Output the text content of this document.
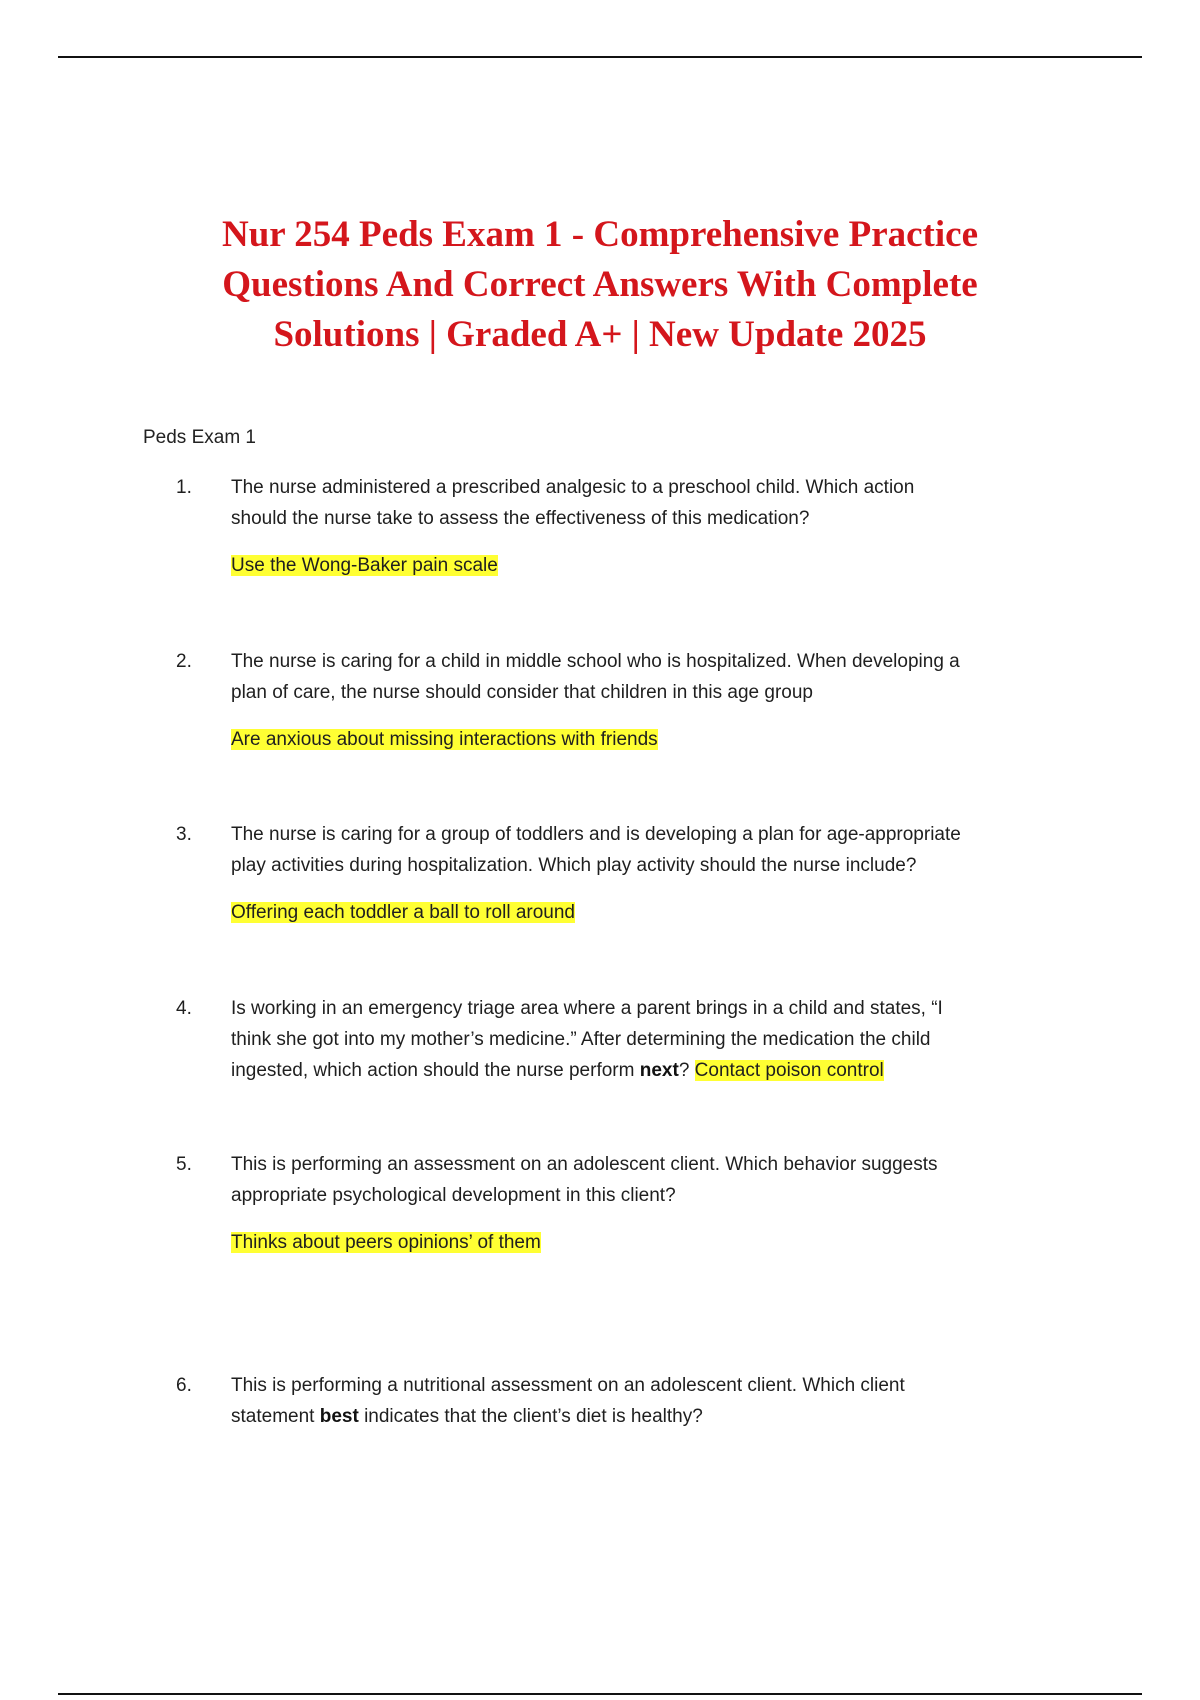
Nur 254 Peds Exam 1 - Comprehensive Practice
Questions And Correct Answers With Complete
Solutions | Graded A+ | New Update 2025
Peds Exam 1
1. The nurse administered a prescribed analgesic to a preschool child. Which action
should the nurse take to assess the effectiveness of this medication?
Use the Wong-Baker pain scale
2. The nurse is caring for a child in middle school who is hospitalized. When developing a
plan of care, the nurse should consider that children in this age group
Are anxious about missing interactions with friends
3. The nurse is caring for a group of toddlers and is developing a plan for age-appropriate
play activities during hospitalization. Which play activity should the nurse include?
Offering each toddler a ball to roll around
4. Is working in an emergency triage area where a parent brings in a child and states, “I
think she got into my mother’s medicine.” After determining the medication the child
ingested, which action should the nurse perform next? Contact poison control
5. This is performing an assessment on an adolescent client. Which behavior suggests
appropriate psychological development in this client?
Thinks about peers opinions’ of them
6. This is performing a nutritional assessment on an adolescent client. Which client
statement best indicates that the client’s diet is healthy?
